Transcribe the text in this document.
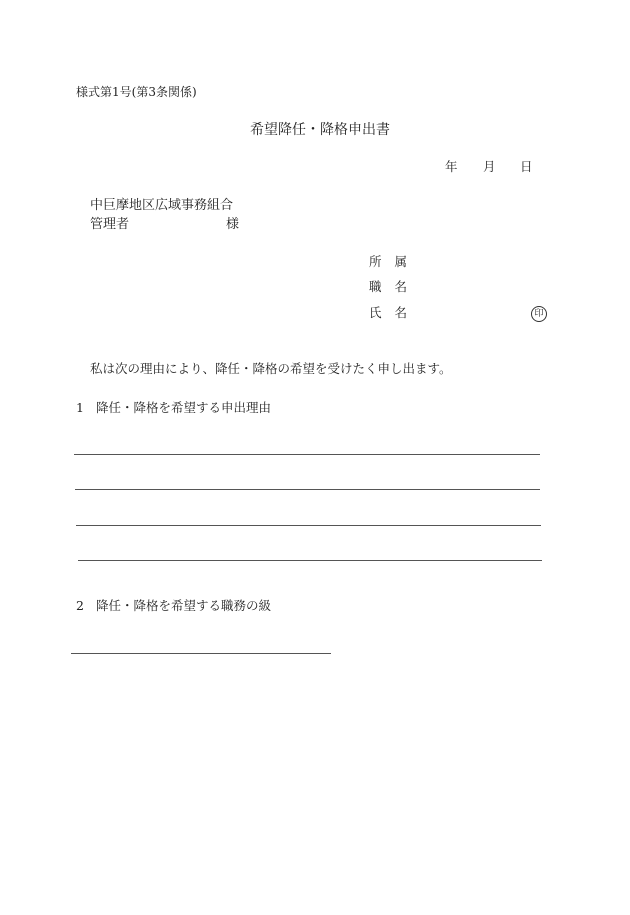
様式第1号(第3条関係)
希望降任・降格申出書
年 月 日
中巨摩地区広域事務組合
管理者	様
所属
職名
氏名	印
私は次の理由により、降任・降格の希望を受けたく申し出ます。
1 降任・降格を希望する申出理由
2 降任・降格を希望する職務の級
